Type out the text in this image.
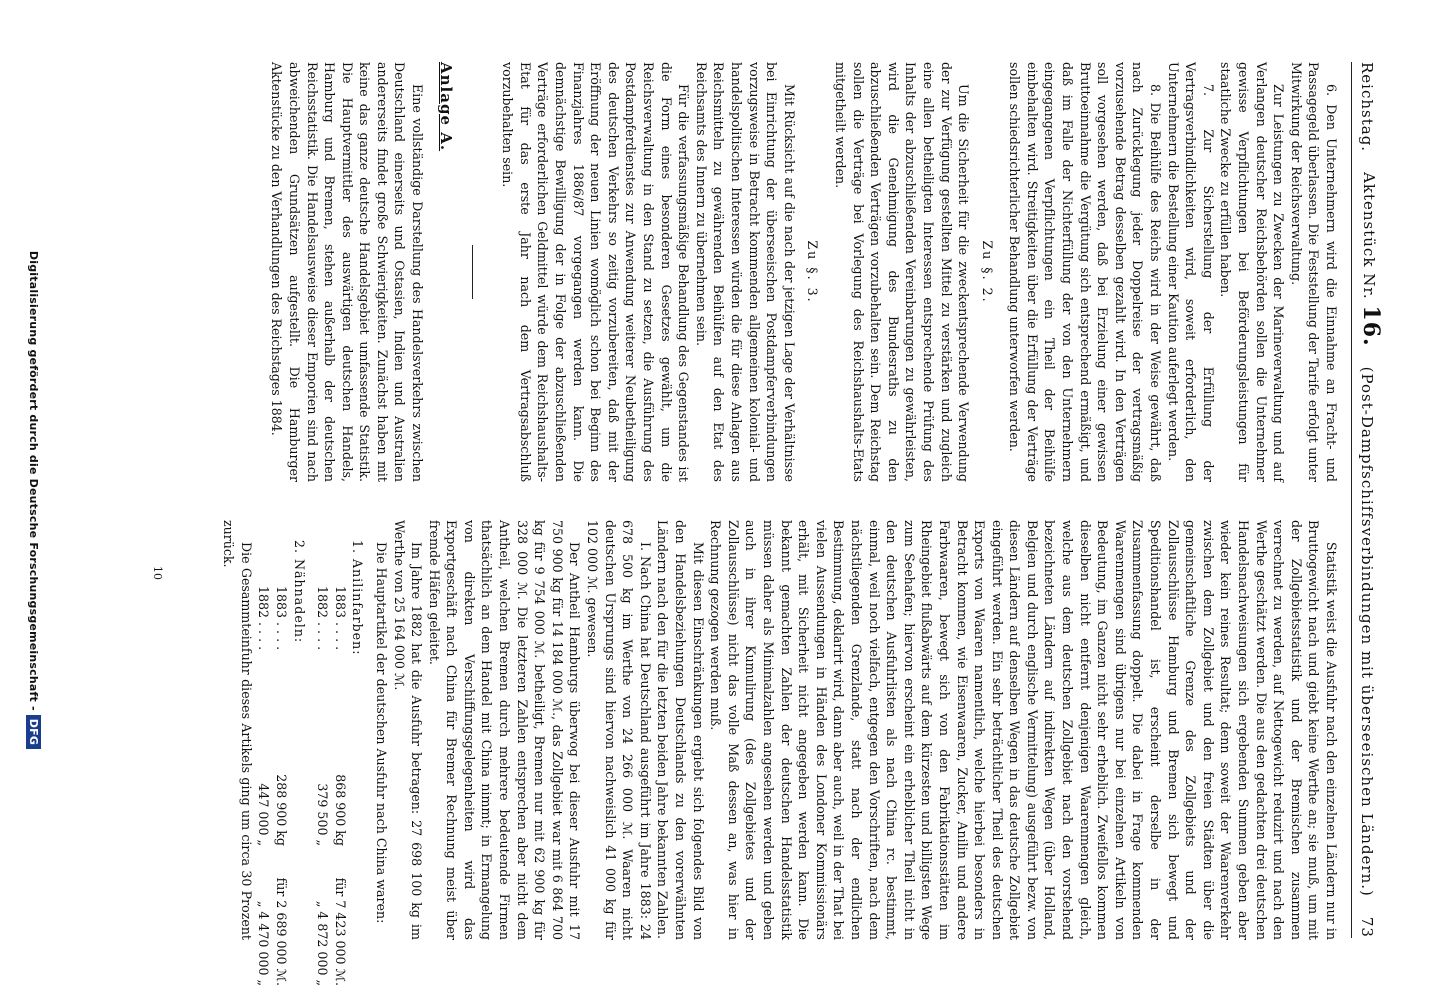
Reichstag.
Aktenstück Nr. 16.
(Post-Dampfschiffsverbindungen mit überseeischen Ländern.)
73

6. Den Unternehmern wird die Einnahme an Fracht- und Passagegeld überlassen. Die Feststellung der Tarife erfolgt unter Mitwirkung der Reichsverwaltung.

Zur Leistungen zu Zwecken der Marineverwaltung und auf Verlangen deutscher Reichsbehörden sollen die Unternehmer gewisse Verpflichtungen bei Beförderungsleistungen für staatliche Zwecke zu erfüllen haben.

7. Zur Sicherstellung der Erfüllung der Vertragsverbindlichkeiten wird, soweit erforderlich, den Unternehmern die Bestellung einer Kaution auferlegt werden.

8. Die Beihülfe des Reichs wird in der Weise gewährt, daß nach Zurücklegung jeder Doppelreise der vertragsmäßig vorzusehende Betrag desselben gezahlt wird. In den Verträgen soll vorgesehen werden, daß bei Erzielung einer gewissen Bruttoeinnahme die Vergütung sich entsprechend ermäßigt, und daß im Falle der Nichterfüllung der von den Unternehmern eingegangenen Verpflichtungen ein Theil der Beihülfe einbehalten wird. Streitigkeiten über die Erfüllung der Verträge sollen schiedsrichterlicher Behandlung unterworfen werden.

Zu §. 2.

Um die Sicherheit für die zweckentsprechende Verwendung der zur Verfügung gestellten Mittel zu verstärken und zugleich eine allen betheiligten Interessen entsprechende Prüfung des Inhalts der abzuschließenden Vereinbarungen zu gewährleisten, wird die Genehmigung des Bundesraths zu den abzuschließenden Verträgen vorzubehalten sein. Dem Reichstag sollen die Verträge bei Vorlegung des Reichshaushalts-Etats mitgetheilt werden.

Zu §. 3.

Mit Rücksicht auf die nach der jetzigen Lage der Verhältnisse bei Einrichtung der überseeischen Postdampferverbindungen vorzugsweise in Betracht kommenden allgemeinen kolonial- und handelspolitischen Interessen würden die für diese Anlagen aus Reichsmitteln zu gewährenden Beihülfen auf den Etat des Reichsamts des Innern zu übernehmen sein.

Für die verfassungsmäßige Behandlung des Gegenstandes ist die Form eines besonderen Gesetzes gewählt, um die Reichsverwaltung in den Stand zu setzen, die Ausführung des Postdampferdienstes zur Anwendung weiterer Neubetheiligung des deutschen Verkehrs so zeitig vorzubereiten, daß mit der Eröffnung der neuen Linien womöglich schon bei Beginn des Finanzjahres 1886/87 vorgegangen werden kann. Die demnächstige Bewilligung der in Folge der abzuschließenden Verträge erforderlichen Geldmittel würde dem Reichshaushalts-Etat für das erste Jahr nach dem Vertragsabschluß vorzubehalten sein.

Anlage A.

Eine vollständige Darstellung des Handelsverkehrs zwischen Deutschland einerseits und Ostasien, Indien und Australien andererseits findet große Schwierigkeiten. Zunächst haben mit keine das ganze deutsche Handelsgebiet umfassende Statistik. Die Hauptvermittler des auswärtigen deutschen Handels, Hamburg und Bremen, stehen außerhalb der deutschen Reichsstatistik. Die Handelsausweise dieser Emporien sind nach abweichenden Grundsätzen aufgestellt. Die Hamburger Aktenstücke zu den Verhandlungen des Reichstages 1884.

Statistik weist die Ausfuhr nach den einzelnen Ländern nur in Bruttogewicht nach und giebt keine Werthe an; sie muß, um mit der Zollgebietsstatistik und der Bremischen zusammen verrechnet zu werden, auf Nettogewicht reduzirt und nach den Werthe geschätzt werden. Die aus den gedachten drei deutschen Handelsnachweisungen sich ergebenden Summen geben aber wieder kein reines Resultat; denn soweit der Waarenverkehr zwischen dem Zollgebiet und den freien Städten über die gemeinschaftliche Grenze des Zollgebiets und der Zollausschlüsse Hamburg und Bremen sich bewegt und Speditionshandel ist, erscheint derselbe in der Zusammenfassung doppelt. Die dabei in Frage kommenden Waarenmengen sind übrigens nur bei einzelnen Artikeln von Bedeutung, im Ganzen nicht sehr erheblich. Zweifellos kommen dieselben nicht entfernt denjenigen Waarenmengen gleich, welche aus dem deutschen Zollgebiet nach den vorstehend bezeichneten Ländern auf indirekten Wegen (über Holland, Belgien und durch englische Vermittelung) ausgeführt bezw. von diesen Ländern auf denselben Wegen in das deutsche Zollgebiet eingeführt werden. Ein sehr beträchtlicher Theil des deutschen Exports von Waaren namentlich, welche hierbei besonders in Betracht kommen, wie Eisenwaaren, Zucker, Anilin und andere Farbwaaren, bewegt sich von den Fabrikationsstätten im Rheingebiet flußabwärts auf dem kürzesten und billigsten Wege zum Seehafen; hiervon erscheint ein erheblicher Theil nicht in den deutschen Ausfuhrlisten als nach China rc. bestimmt, einmal, weil noch vielfach, entgegen den Vorschriften, nach dem nächstliegenden Grenzlande, statt nach der endlichen Bestimmung, deklarirt wird, dann aber auch, weil in der That bei vielen Aussendungen in Händen des Londoner Kommissionärs erhält, mit Sicherheit nicht angegeben werden kann. Die bekannt gemachten Zahlen der deutschen Handelsstatistik müssen daher als Minimalzahlen angesehen werden und geben auch in ihrer Kumulirung (des Zollgebietes und der Zollausschlüsse) nicht das volle Maß dessen an, was hier in Rechnung gezogen werden muß.

Mit diesen Einschränkungen ergiebt sich folgendes Bild von den Handelsbeziehungen Deutschlands zu den vorerwähnten Ländern nach den für die letzten beiden Jahre bekannten Zahlen.

I. Nach China hat Deutschland ausgeführt im Jahre 1883: 24 678 500 kg im Werthe von 24 266 000 ℳ. Waaren nicht deutschen Ursprungs sind hiervon nachweislich 41 000 kg für 102 000 ℳ. gewesen.

Der Antheil Hamburgs überwog bei dieser Ausfuhr mit 17 750 900 kg für 14 184 000 ℳ., das Zollgebiet war mit 6 864 700 kg für 9 754 000 ℳ. betheiligt, Bremen nur mit 62 900 kg für 328 000 ℳ. Die letzteren Zahlen entsprechen aber nicht dem Antheil, welchen Bremen durch mehrere bedeutende Firmen thatsächlich an dem Handel mit China nimmt; in Ermangelung von direkten Verschiffungsgelegenheiten wird das Exportgeschäft nach China für Bremer Rechnung meist über fremde Häfen geleitet.

Im Jahre 1882 hat die Ausfuhr betragen: 27 698 100 kg im Werthe von 25 164 000 ℳ.

Die Hauptartikel der deutschen Ausfuhr nach China waren:

1. Anilinfarben:
1883 . . . .
868 900 kg
für 7 423 000 ℳ.
1882 . . . .
379 500 „
„ 4 872 000 „
2. Nähnadeln:
1883 . . . .
288 900 kg
für 2 689 000 ℳ.
1882 . . . .
447 000 „
„ 4 470 000 „

Die Gesammteinfuhr dieses Artikels ging um circa 30 Prozent zurück.

10
Digitalisierung gefördert durch die Deutsche Forschungsgemeinschaft -DFG
